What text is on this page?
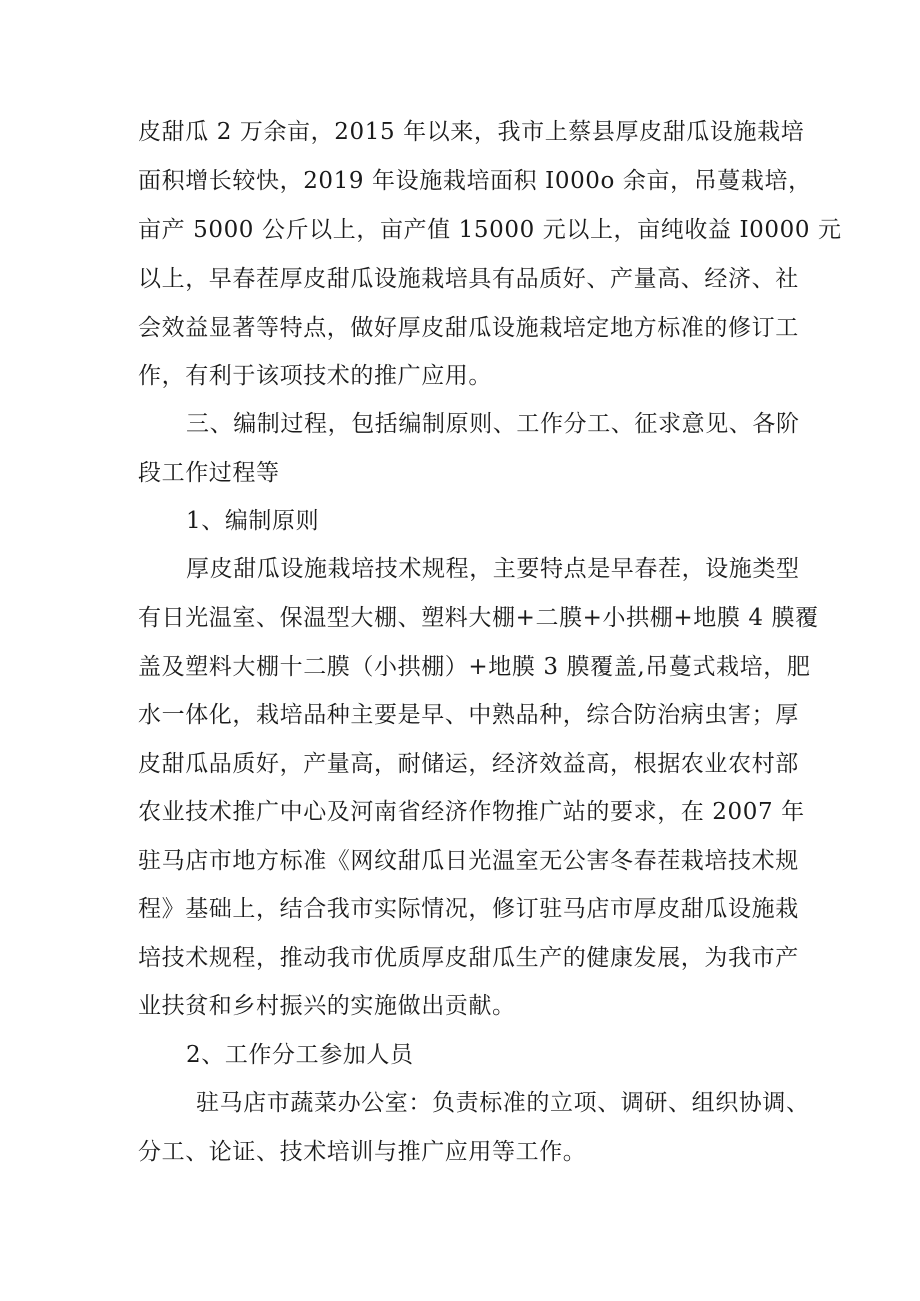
皮甜瓜 2 万余亩，2015 年以来，我市上蔡县厚皮甜瓜设施栽培
面积增长较快，2019 年设施栽培面积 I000o 余亩，吊蔓栽培，
亩产 5000 公斤以上，亩产值 15000 元以上，亩纯收益 I0000 元
以上，早春茬厚皮甜瓜设施栽培具有品质好、产量高、经济、社
会效益显著等特点，做好厚皮甜瓜设施栽培定地方标准的修订工
作，有利于该项技术的推广应用。
三、编制过程，包括编制原则、工作分工、征求意见、各阶
段工作过程等
1、编制原则
厚皮甜瓜设施栽培技术规程，主要特点是早春茬，设施类型
有日光温室、保温型大棚、塑料大棚+二膜+小拱棚+地膜 4 膜覆
盖及塑料大棚十二膜（小拱棚）+地膜 3 膜覆盖,吊蔓式栽培，肥
水一体化，栽培品种主要是早、中熟品种，综合防治病虫害；厚
皮甜瓜品质好，产量高，耐储运，经济效益高，根据农业农村部
农业技术推广中心及河南省经济作物推广站的要求，在 2007 年
驻马店市地方标准《网纹甜瓜日光温室无公害冬春茬栽培技术规
程》基础上，结合我市实际情况，修订驻马店市厚皮甜瓜设施栽
培技术规程，推动我市优质厚皮甜瓜生产的健康发展，为我市产
业扶贫和乡村振兴的实施做出贡献。
2、工作分工参加人员
驻马店市蔬菜办公室：负责标准的立项、调研、组织协调、
分工、论证、技术培训与推广应用等工作。
